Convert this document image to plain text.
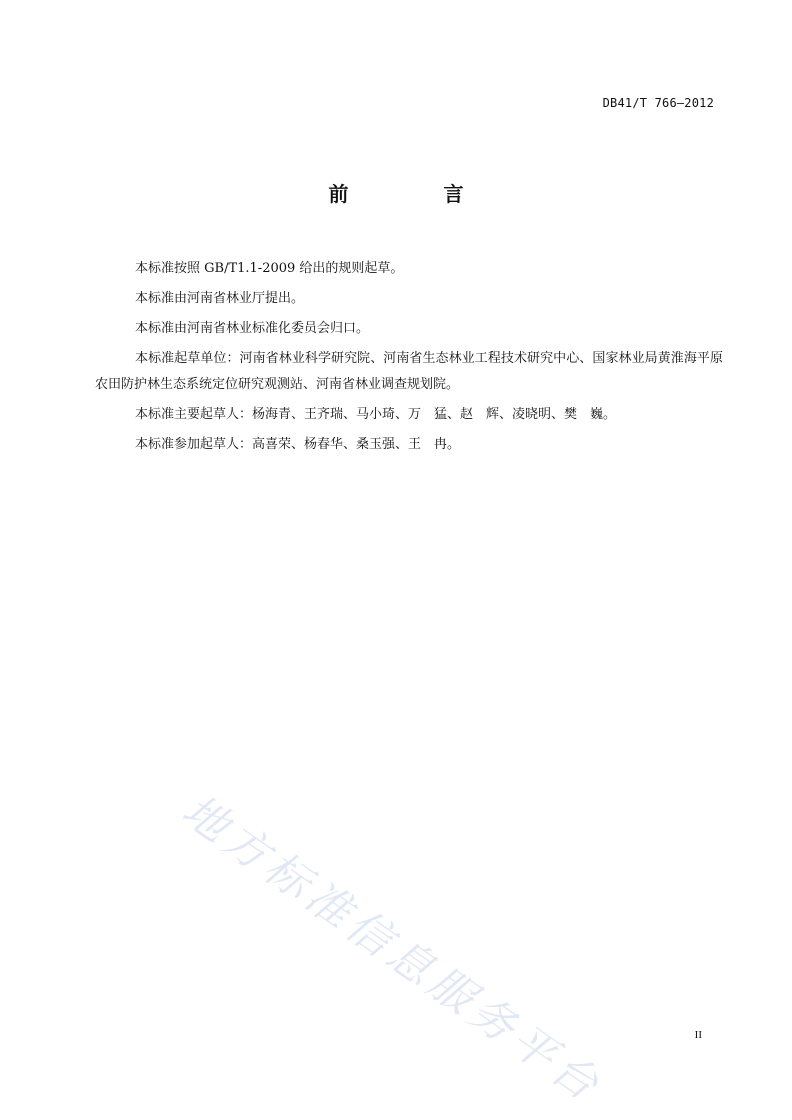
DB41/T 766—2012
前 言

本标准按照 GB/T1.1-2009 给出的规则起草。

本标准由河南省林业厅提出。

本标准由河南省林业标准化委员会归口。

本标准起草单位：河南省林业科学研究院、河南省生态林业工程技术研究中心、国家林业局黄淮海平原农田防护林生态系统定位研究观测站、河南省林业调查规划院。

本标准主要起草人：杨海青、王齐瑞、马小琦、万　猛、赵　辉、凌晓明、樊　巍。

本标准参加起草人：高喜荣、杨春华、桑玉强、王　冉。

地方标准信息服务平台	II
